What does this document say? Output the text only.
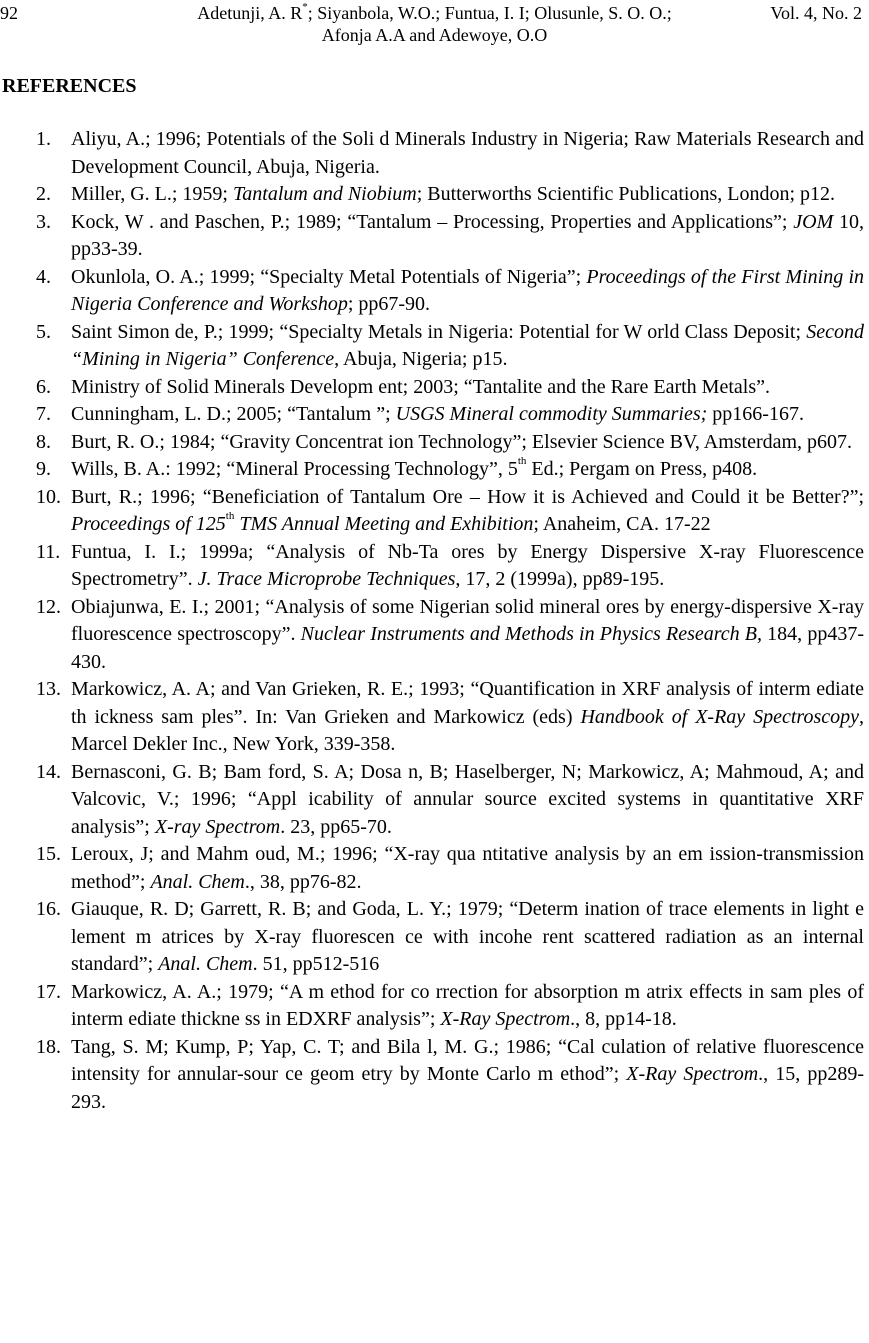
92	Adetunji, A. R*; Siyanbola, W.O.; Funtua, I. I; Olusunle, S. O. O.;
Afonja A.A and Adewoye, O.O
Vol. 4, No. 2
REFERENCES
1. Aliyu, A.; 1996; Potentials of the Soli d Minerals Industry in Nigeria; Raw Materials Research and Development Council, Abuja, Nigeria.
2. Miller, G. L.; 1959; Tantalum and Niobium; Butterworths Scientific Publications, London; p12.
3. Kock, W . and Paschen, P.; 1989; “Tantalum – Processing, Properties and Applications”; JOM 10, pp33-39.
4. Okunlola, O. A.; 1999; “Specialty Metal Potentials of Nigeria”; Proceedings of the First Mining in Nigeria Conference and Workshop; pp67-90.
5. Saint Simon de, P.; 1999; “Specialty Metals in Nigeria: Potential for W orld Class Deposit; Second “Mining in Nigeria” Conference, Abuja, Nigeria; p15.
6. Ministry of Solid Minerals Developm ent; 2003; “Tantalite and the Rare Earth Metals”.
7. Cunningham, L. D.; 2005; “Tantalum ”; USGS Mineral commodity Summaries; pp166-167.
8. Burt, R. O.; 1984; “Gravity Concentrat ion Technology”; Elsevier Science BV, Amsterdam, p607.
9. Wills, B. A.: 1992; “Mineral Processing Technology”, 5th Ed.; Pergam on Press, p408.
10. Burt, R.; 1996; “Beneficiation of Tantalum Ore – How it is Achieved and Could it be Better?”; Proceedings of 125th TMS Annual Meeting and Exhibition; Anaheim, CA. 17-22
11. Funtua, I. I.; 1999a; “Analysis of Nb-Ta ores by Energy Dispersive X-ray Fluorescence Spectrometry”. J. Trace Microprobe Techniques, 17, 2 (1999a), pp89-195.
12. Obiajunwa, E. I.; 2001; “Analysis of some Nigerian solid mineral ores by energy-dispersive X-ray fluorescence spectroscopy”. Nuclear Instruments and Methods in Physics Research B, 184, pp437-430.
13. Markowicz, A. A; and Van Grieken, R. E.; 1993; “Quantification in XRF analysis of interm ediate th ickness sam ples”. In: Van Grieken and Markowicz (eds) Handbook of X-Ray Spectroscopy, Marcel Dekler Inc., New York, 339-358.
14. Bernasconi, G. B; Bam ford, S. A; Dosa n, B; Haselberger, N; Markowicz, A; Mahmoud, A; and Valcovic, V.; 1996; “Appl icability of annular source excited systems in quantitative XRF analysis”; X-ray Spectrom. 23, pp65-70.
15. Leroux, J; and Mahm oud, M.; 1996; “X-ray qua ntitative analysis by an em ission-transmission method”; Anal. Chem., 38, pp76-82.
16. Giauque, R. D; Garrett, R. B; and Goda, L. Y.; 1979; “Determ ination of trace elements in light e lement m atrices by X-ray fluorescen ce with incohe rent scattered radiation as an internal standard”; Anal. Chem. 51, pp512-516
17. Markowicz, A. A.; 1979; “A m ethod for co rrection for absorption m atrix effects in sam ples of interm ediate thickne ss in EDXRF analysis”; X-Ray Spectrom., 8, pp14-18.
18. Tang, S. M; Kump, P; Yap, C. T; and Bila l, M. G.; 1986; “Cal culation of relative fluorescence intensity for annular-sour ce geom etry by Monte Carlo m ethod”; X-Ray Spectrom., 15, pp289-293.
